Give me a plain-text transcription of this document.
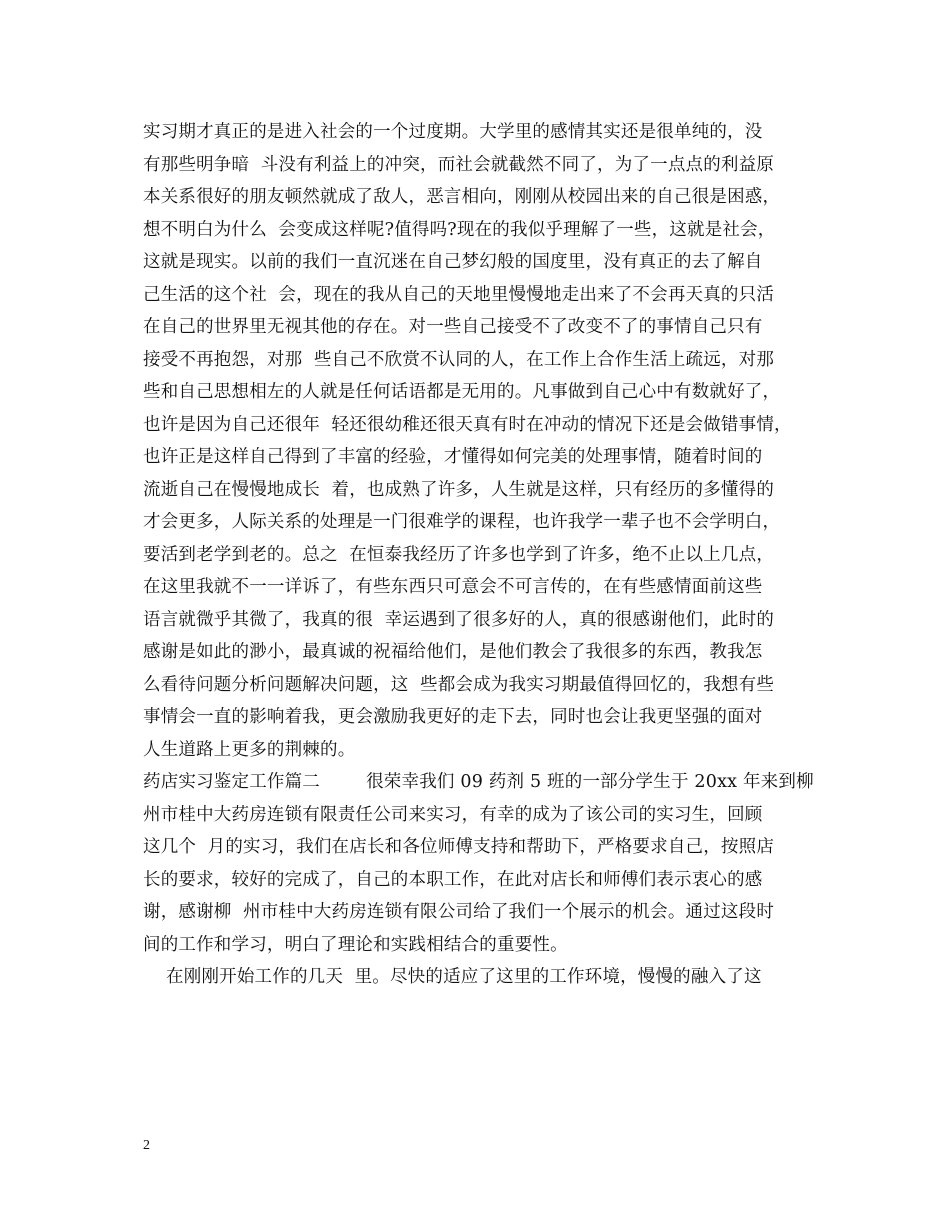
实习期才真正的是进入社会的一个过度期。大学里的感情其实还是很单纯的，没
有那些明争暗  斗没有利益上的冲突，而社会就截然不同了，为了一点点的利益原
本关系很好的朋友顿然就成了敌人，恶言相向，刚刚从校园出来的自己很是困惑，
想不明白为什么  会变成这样呢?值得吗?现在的我似乎理解了一些，这就是社会，
这就是现实。以前的我们一直沉迷在自己梦幻般的国度里，没有真正的去了解自
己生活的这个社  会，现在的我从自己的天地里慢慢地走出来了不会再天真的只活
在自己的世界里无视其他的存在。对一些自己接受不了改变不了的事情自己只有
接受不再抱怨，对那  些自己不欣赏不认同的人，在工作上合作生活上疏远，对那
些和自己思想相左的人就是任何话语都是无用的。凡事做到自己心中有数就好了，
也许是因为自己还很年  轻还很幼稚还很天真有时在冲动的情况下还是会做错事情，
也许正是这样自己得到了丰富的经验，才懂得如何完美的处理事情，随着时间的
流逝自己在慢慢地成长  着，也成熟了许多，人生就是这样，只有经历的多懂得的
才会更多，人际关系的处理是一门很难学的课程，也许我学一辈子也不会学明白，
要活到老学到老的。总之  在恒泰我经历了许多也学到了许多，绝不止以上几点，
在这里我就不一一详诉了，有些东西只可意会不可言传的，在有些感情面前这些
语言就微乎其微了，我真的很  幸运遇到了很多好的人，真的很感谢他们，此时的
感谢是如此的渺小，最真诚的祝福给他们，是他们教会了我很多的东西，教我怎
么看待问题分析问题解决问题，这  些都会成为我实习期最值得回忆的，我想有些
事情会一直的影响着我，更会激励我更好的走下去，同时也会让我更坚强的面对
人生道路上更多的荆棘的。
药店实习鉴定工作篇二        很荣幸我们 09 药剂 5 班的一部分学生于 20xx 年来到柳
州市桂中大药房连锁有限责任公司来实习，有幸的成为了该公司的实习生，回顾
这几个  月的实习，我们在店长和各位师傅支持和帮助下，严格要求自己，按照店
长的要求，较好的完成了，自己的本职工作，在此对店长和师傅们表示衷心的感
谢，感谢柳  州市桂中大药房连锁有限公司给了我们一个展示的机会。通过这段时
间的工作和学习，明白了理论和实践相结合的重要性。
在刚刚开始工作的几天  里。尽快的适应了这里的工作环境，慢慢的融入了这
2
